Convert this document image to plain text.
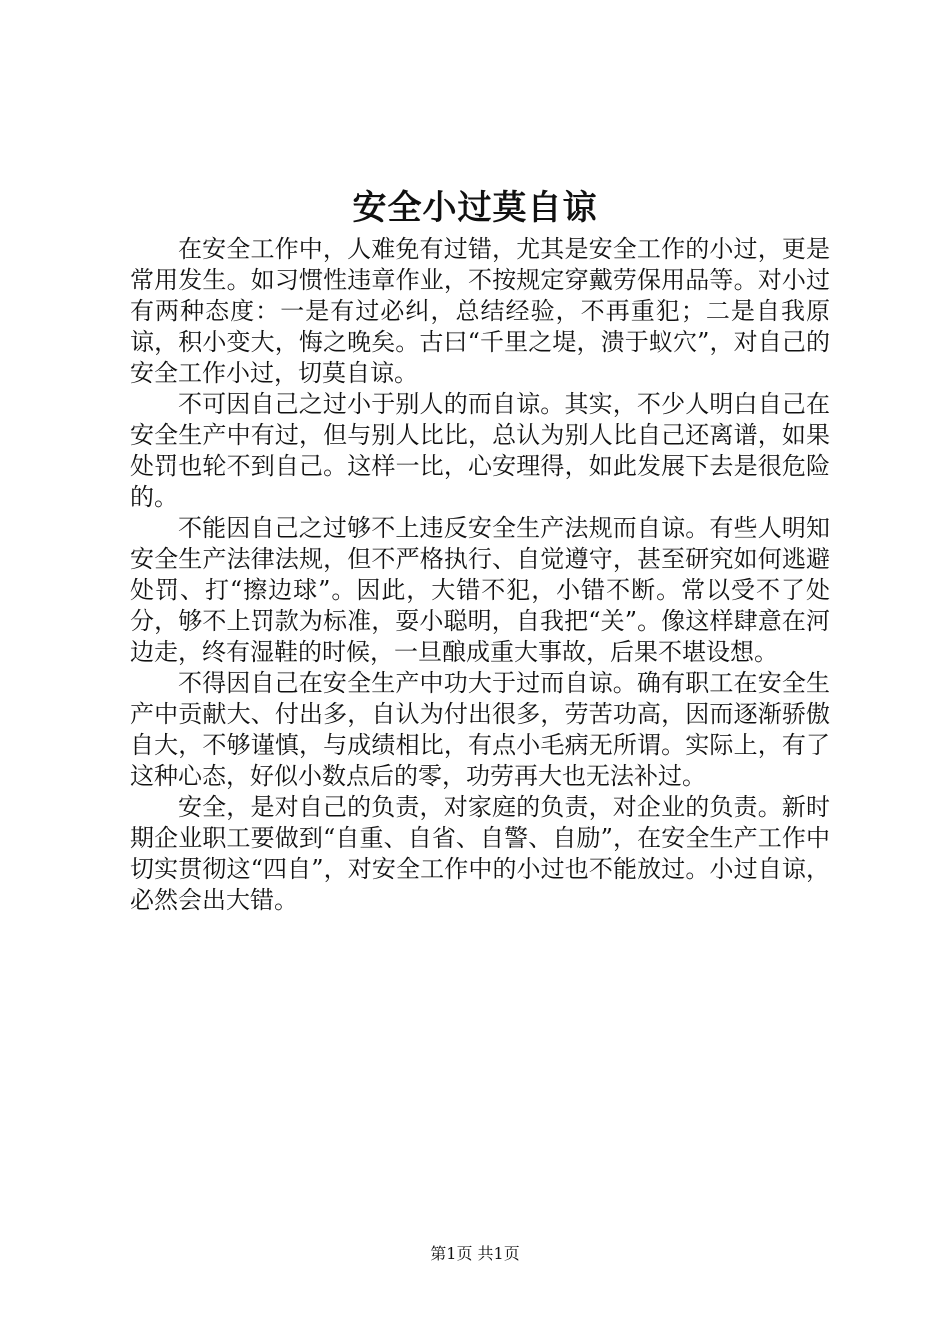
安全小过莫自谅

在安全工作中，人难免有过错，尤其是安全工作的小过，更是常用发生。如习惯性违章作业，不按规定穿戴劳保用品等。对小过有两种态度：一是有过必纠，总结经验，不再重犯；二是自我原谅，积小变大，悔之晚矣。古曰“千里之堤，溃于蚁穴”，对自己的安全工作小过，切莫自谅。

不可因自己之过小于别人的而自谅。其实，不少人明白自己在安全生产中有过，但与别人比比，总认为别人比自己还离谱，如果处罚也轮不到自己。这样一比，心安理得，如此发展下去是很危险的。

不能因自己之过够不上违反安全生产法规而自谅。有些人明知安全生产法律法规，但不严格执行、自觉遵守，甚至研究如何逃避处罚、打“擦边球”。因此，大错不犯，小错不断。常以受不了处分，够不上罚款为标准，耍小聪明，自我把“关”。像这样肆意在河边走，终有湿鞋的时候，一旦酿成重大事故，后果不堪设想。

不得因自己在安全生产中功大于过而自谅。确有职工在安全生产中贡献大、付出多，自认为付出很多，劳苦功高，因而逐渐骄傲自大，不够谨慎，与成绩相比，有点小毛病无所谓。实际上，有了这种心态，好似小数点后的零，功劳再大也无法补过。

安全，是对自己的负责，对家庭的负责，对企业的负责。新时期企业职工要做到“自重、自省、自警、自励”，在安全生产工作中切实贯彻这“四自”，对安全工作中的小过也不能放过。小过自谅，必然会出大错。

第1页 共1页
